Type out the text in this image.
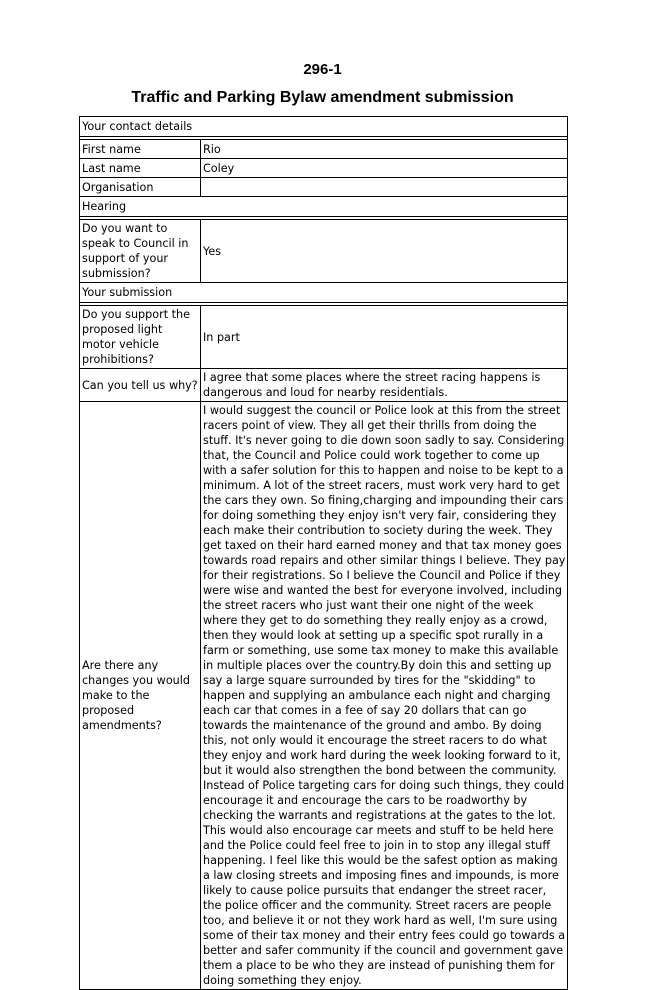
296-1
Traffic and Parking Bylaw amendment submission
Your contact details	

First name	Rio
Last name	Coley
Organisation	
Hearing	

Do you want to speak to Council in support of your submission?	Yes
Your submission	

Do you support the proposed light motor vehicle prohibitions?	In part
Can you tell us why?	I agree that some places where the street racing happens is dangerous and loud for nearby residentials.
Are there any changes you would make to the proposed amendments?	I would suggest the council or Police look at this from the street racers point of view. They all get their thrills from doing the stuff. It's never going to die down soon sadly to say. Considering that, the Council and Police could work together to come up with a safer solution for this to happen and noise to be kept to a minimum. A lot of the street racers, must work very hard to get the cars they own. So fining,charging and impounding their cars for doing something they enjoy isn't very fair, considering they each make their contribution to society during the week. They get taxed on their hard earned money and that tax money goes towards road repairs and other similar things I believe. They pay for their registrations. So I believe the Council and Police if they were wise and wanted the best for everyone involved, including the street racers who just want their one night of the week where they get to do something they really enjoy as a crowd, then they would look at setting up a specific spot rurally in a farm or something, use some tax money to make this available in multiple places over the country.By doin this and setting up say a large square surrounded by tires for the "skidding" to happen and supplying an ambulance each night and charging each car that comes in a fee of say 20 dollars that can go towards the maintenance of the ground and ambo. By doing this, not only would it encourage the street racers to do what they enjoy and work hard during the week looking forward to it, but it would also strengthen the bond between the community. Instead of Police targeting cars for doing such things, they could encourage it and encourage the cars to be roadworthy by checking the warrants and registrations at the gates to the lot. This would also encourage car meets and stuff to be held here and the Police could feel free to join in to stop any illegal stuff happening. I feel like this would be the safest option as making a law closing streets and imposing fines and impounds, is more likely to cause police pursuits that endanger the street racer, the police officer and the community. Street racers are people too, and believe it or not they work hard as well, I'm sure using some of their tax money and their entry fees could go towards a better and safer community if the council and government gave them a place to be who they are instead of punishing them for doing something they enjoy.
